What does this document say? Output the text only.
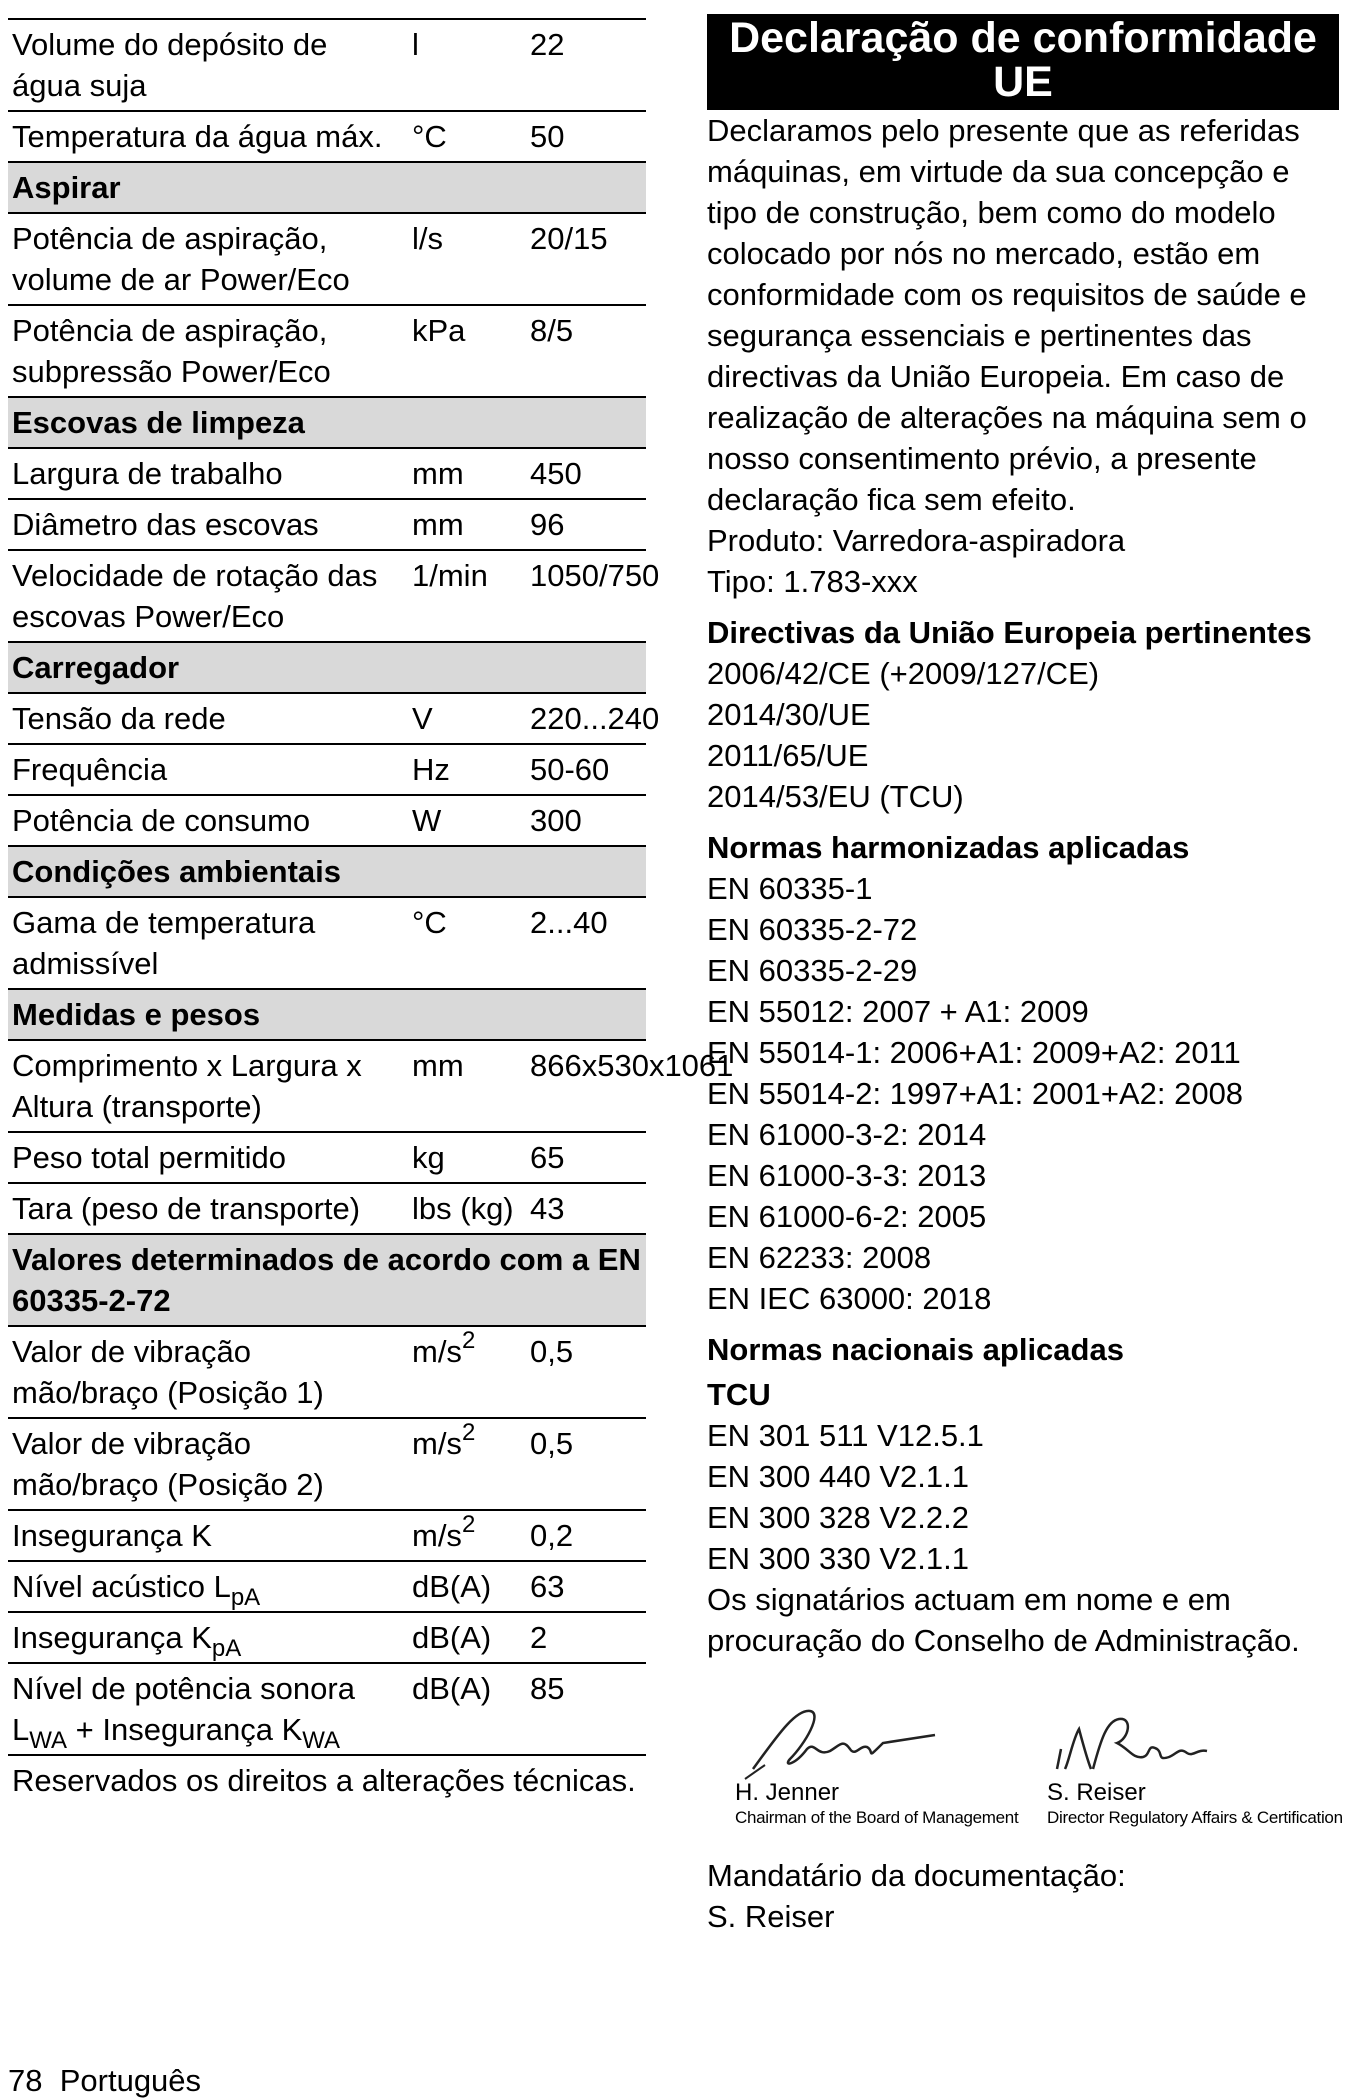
Volume do depósito de água suja	l	22
Temperatura da água máx.	°C	50
Aspirar		
Potência de aspiração, volume de ar Power/Eco	l/s	20/15
Potência de aspiração, subpressão Power/Eco	kPa	8/5
Escovas de limpeza		
Largura de trabalho	mm	450
Diâmetro das escovas	mm	96
Velocidade de rotação das escovas Power/Eco	1/min	1050/750
Carregador		
Tensão da rede	V	220...240
Frequência	Hz	50-60
Potência de consumo	W	300
Condições ambientais		
Gama de temperatura admissível	°C	2...40
Medidas e pesos		
Comprimento x Largura x Altura (transporte)	mm	866x530x1061
Peso total permitido	kg	65
Tara (peso de transporte)	lbs (kg)	43
Valores determinados de acordo com a EN 60335-2-72		
Valor de vibração mão/braço (Posição 1)	$m/s^2$	0,5
Valor de vibração mão/braço (Posição 2)	$m/s^2$	0,5
Insegurança K	$m/s^2$	0,2
Nível acústico $L_{pA}$	dB(A)	63
Insegurança $K_{pA}$	dB(A)	2
Nível de potência sonora $L_{WA}$ + Insegurança $K_{WA}$	dB(A)	85
Reservados os direitos a alterações técnicas.		
Declaração de conformidade UE
Declaramos pelo presente que as referidas máquinas, em virtude da sua concepção e tipo de construção, bem como do modelo colocado por nós no mercado, estão em conformidade com os requisitos de saúde e segurança essenciais e pertinentes das directivas da União Europeia. Em caso de realização de alterações na máquina sem o nosso consentimento prévio, a presente declaração fica sem efeito.
Produto: Varredora-aspiradora
Tipo: 1.783-xxx
Directivas da União Europeia pertinentes
2006/42/CE (+2009/127/CE)
2014/30/UE
2011/65/UE
2014/53/EU (TCU)
Normas harmonizadas aplicadas
EN 60335-1
EN 60335-2-72
EN 60335-2-29
EN 55012: 2007 + A1: 2009
EN 55014-1: 2006+A1: 2009+A2: 2011
EN 55014-2: 1997+A1: 2001+A2: 2008
EN 61000-3-2: 2014
EN 61000-3-3: 2013
EN 61000-6-2: 2005
EN 62233: 2008
EN IEC 63000: 2018
Normas nacionais aplicadas
TCU
EN 301 511 V12.5.1
EN 300 440 V2.1.1
EN 300 328 V2.2.2
EN 300 330 V2.1.1
Os signatários actuam em nome e em procuração do Conselho de Administração.
H. Jenner
Chairman of the Board of Management
S. Reiser
Director Regulatory Affairs & Certification
Mandatário da documentação:
S. Reiser
78 Português
